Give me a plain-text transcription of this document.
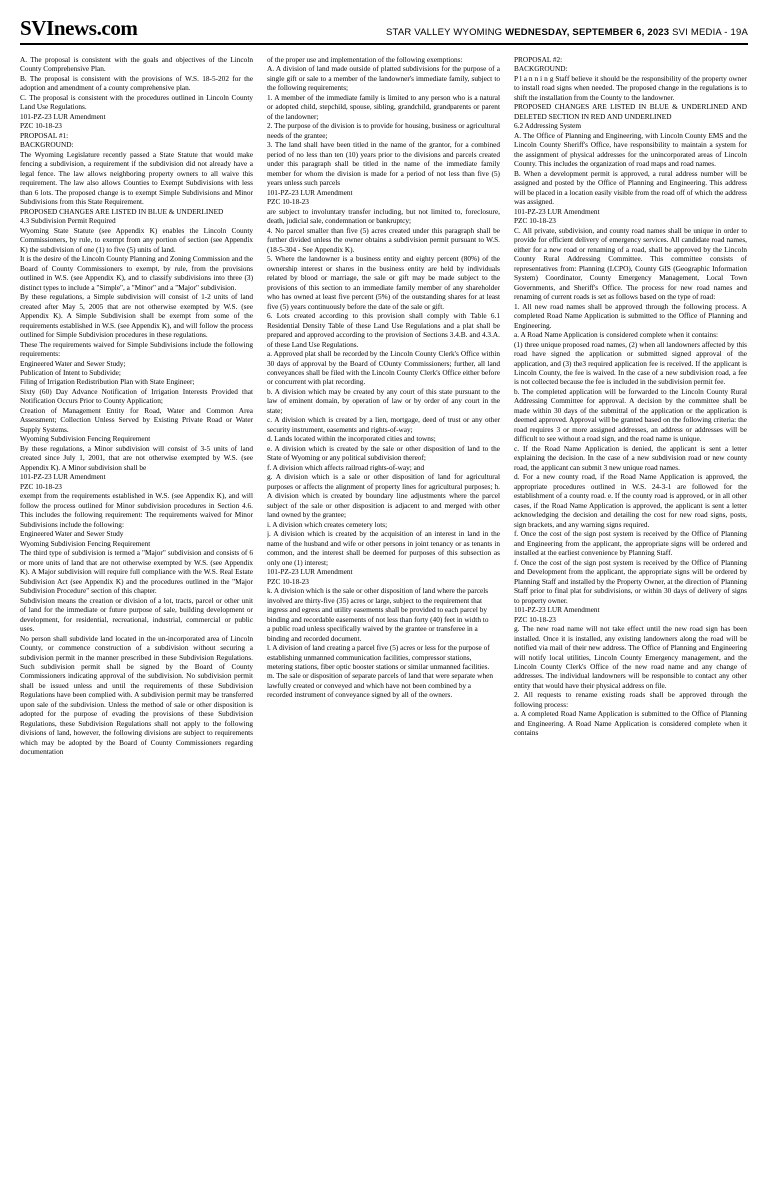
SVInews.com	STAR VALLEY WYOMING WEDNESDAY, SEPTEMBER 6, 2023 SVI MEDIA - 19A

A. The proposal is consistent with the goals and objectives of the Lincoln County Comprehensive Plan.

B. The proposal is consistent with the provisions of W.S. 18-5-202 for the adoption and amendment of a county comprehensive plan.

C. The proposal is consistent with the procedures outlined in Lincoln County Land Use Regulations.

101-PZ-23 LUR Amendment

PZC 10-18-23

PROPOSAL #1:

BACKGROUND:

The Wyoming Legislature recently passed a State Statute that would make fencing a subdivision, a requirement if the subdivision did not already have a legal fence. The law allows neighboring property owners to all waive this requirement. The law also allows Counties to Exempt Subdivisions with less than 6 lots. The proposed change is to exempt Simple Subdivisions and Minor Subdivisions from this State Requirement.

PROPOSED CHANGES ARE LISTED IN BLUE & UNDERLINED

4.3 Subdivision Permit Required

Wyoming State Statute (see Appendix K) enables the Lincoln County Commissioners, by rule, to exempt from any portion of section (see Appendix K) the subdivision of one (1) to five (5) units of land.

It is the desire of the Lincoln County Planning and Zoning Commission and the Board of County Commissioners to exempt, by rule, from the provisions outlined in W.S. (see Appendix K), and to classify subdivisions into three (3) distinct types to include a "Simple", a "Minor" and a "Major" subdivision.

By these regulations, a Simple subdivision will consist of 1-2 units of land created after May 5, 2005 that are not otherwise exempted by W.S. (see Appendix K). A Simple Subdivision shall be exempt from some of the requirements established in W.S. (see Appendix K), and will follow the process outlined for Simple Subdivision procedures in these regulations.

These The requirements waived for Simple Subdivisions include the following requirements:

Engineered Water and Sewer Study;

Publication of Intent to Subdivide;

Filing of Irrigation Redistribution Plan with State Engineer;

Sixty (60) Day Advance Notification of Irrigation Interests Provided that Notification Occurs Prior to County Application;

Creation of Management Entity for Road, Water and Common Area Assessment; Collection Unless Served by Existing Private Road or Water Supply Systems.

Wyoming Subdivision Fencing Requirement

By these regulations, a Minor subdivision will consist of 3-5 units of land created since July 1, 2001, that are not otherwise exempted by W.S. (see Appendix K). A Minor subdivision shall be

101-PZ-23 LUR Amendment

PZC 10-18-23

exempt from the requirements established in W.S. (see Appendix K), and will follow the process outlined for Minor subdivision procedures in Section 4.6. This includes the following requirement: The requirements waived for Minor Subdivisions include the following:

Engineered Water and Sewer Study

Wyoming Subdivision Fencing Requirement

The third type of subdivision is termed a "Major" subdivision and consists of 6 or more units of land that are not otherwise exempted by W.S. (see Appendix K). A Major subdivision will require full compliance with the W.S. Real Estate Subdivision Act (see Appendix K) and the procedures outlined in the "Major Subdivision Procedure" section of this chapter.

Subdivision means the creation or division of a lot, tracts, parcel or other unit of land for the immediate or future purpose of sale, building development or development, for residential, recreational, industrial, commercial or public uses.

No person shall subdivide land located in the un-incorporated area of Lincoln County, or commence construction of a subdivision without securing a subdivision permit in the manner prescribed in these Subdivision Regulations. Such subdivision permit shall be signed by the Board of County Commissioners indicating approval of the subdivision. No subdivision permit shall be issued unless and until the requirements of these Subdivision Regulations have been complied with. A subdivision permit may be transferred upon sale of the subdivision. Unless the method of sale or other disposition is adopted for the purpose of evading the provisions of these Subdivision Regulations, these Subdivision Regulations shall not apply to the following divisions of land, however, the following divisions are subject to requirements which may be adopted by the Board of County Commissioners regarding documentation

of the proper use and implementation of the following exemptions:

A. A division of land made outside of platted subdivisions for the purpose of a single gift or sale to a member of the landowner's immediate family, subject to the following requirements;

1. A member of the immediate family is limited to any person who is a natural or adopted child, stepchild, spouse, sibling, grandchild, grandparents or parent of the landowner;

2. The purpose of the division is to provide for housing, business or agricultural needs of the grantee;

3. The land shall have been titled in the name of the grantor, for a combined period of no less than ten (10) years prior to the divisions and parcels created under this paragraph shall be titled in the name of the immediate family member for whom the division is made for a period of not less than five (5) years unless such parcels

101-PZ-23 LUR Amendment

PZC 10-18-23

are subject to involuntary transfer including, but not limited to, foreclosure, death, judicial sale, condemnation or bankruptcy;

4. No parcel smaller than five (5) acres created under this paragraph shall be further divided unless the owner obtains a subdivision permit pursuant to W.S. (18-5-304 - See Appendix K).

5. Where the landowner is a business entity and eighty percent (80%) of the ownership interest or shares in the business entity are held by individuals related by blood or marriage, the sale or gift may be made subject to the provisions of this section to an immediate family member of any shareholder who has owned at least five percent (5%) of the outstanding shares for at least five (5) years continuously before the date of the sale or gift.

6. Lots created according to this provision shall comply with Table 6.1 Residential Density Table of these Land Use Regulations and a plat shall be prepared and approved according to the provision of Sections 3.4.B. and 4.3.A. of these Land Use Regulations.

a. Approved plat shall be recorded by the Lincoln County Clerk's Office within 30 days of approval by the Board of COunty Commissioners; further, all land conveyances shall be filed with the Lincoln County Clerk's Office either before or concurrent with plat recording.

b. A division which may be created by any court of this state pursuant to the law of eminent domain, by operation of law or by order of any court in the state;

c. A division which is created by a lien, mortgage, deed of trust or any other security instrument, easements and rights-of-way;

d. Lands located within the incorporated cities and towns;

e. A division which is created by the sale or other disposition of land to the State of Wyoming or any political subdivision thereof;

f. A division which affects railroad rights-of-way; and

g. A division which is a sale or other disposition of land for agricultural purposes or affects the alignment of property lines for agricultural purposes; h. A division which is created by boundary line adjustments where the parcel subject of the sale or other disposition is adjacent to and merged with other land owned by the grantee;

i. A division which creates cemetery lots;

j. A division which is created by the acquisition of an interest in land in the name of the husband and wife or other persons in joint tenancy or as tenants in common, and the interest shall be deemed for purposes of this subsection as only one (1) interest;

101-PZ-23 LUR Amendment

PZC 10-18-23

k. A division which is the sale or other disposition of land where the parcels

involved are thirty-five (35) acres or large, subject to the requirement that

ingress and egress and utility easements shall be provided to each parcel by

binding and recordable easements of not less than forty (40) feet in width to

a public road unless specifically waived by the grantee or transferee in a

binding and recorded document.

l. A division of land creating a parcel five (5) acres or less for the purpose of

establishing unmanned communication facilities, compressor stations,

metering stations, fiber optic booster stations or similar unmanned facilities.

m. The sale or disposition of separate parcels of land that were separate when

lawfully created or conveyed and which have not been combined by a

recorded instrument of conveyance signed by all of the owners.

PROPOSAL #2:

BACKGROUND:

P l a n n i n g Staff believe it should be the responsibility of the property owner to install road signs when needed. The proposed change in the regulations is to shift the installation from the County to the landowner.

PROPOSED CHANGES ARE LISTED IN BLUE & UNDERLINED AND DELETED SECTION IN RED AND UNDERLINED

6.2 Addressing System

A. The Office of Planning and Engineering, with Lincoln County EMS and the Lincoln County Sheriff's Office, have responsibility to maintain a system for the assignment of physical addresses for the unincorporated areas of Lincoln County. This includes the organization of road maps and road names.

B. When a development permit is approved, a rural address number will be assigned and posted by the Office of Planning and Engineering. This address will be placed in a location easily visible from the road off of which the address was assigned.

101-PZ-23 LUR Amendment

PZC 10-18-23

C. All private, subdivision, and county road names shall be unique in order to provide for efficient delivery of emergency services. All candidate road names, either for a new road or renaming of a road, shall be approved by the Lincoln County Rural Addressing Committee. This committee consists of representatives from: Planning (LCPO), County GIS (Geographic Information System) Coordinator, County Emergency Management, Local Town Governments, and Sheriff's Office. The process for new road names and renaming of current roads is set as follows based on the type of road:

1. All new road names shall be approved through the following process. A completed Road Name Application is submitted to the Office of Planning and Engineering.

a. A Road Name Application is considered complete when it contains:

(1) three unique proposed road names, (2) when all landowners affected by this road have signed the application or submitted signed approval of the application, and (3) the3 required application fee is received. If the applicant is Lincoln County, the fee is waived. In the case of a new subdivision road, a fee is not collected because the fee is included in the subdivision permit fee.

b. The completed application will be forwarded to the Lincoln County Rural Addressing Committee for approval. A decision by the committee shall be made within 30 days of the submittal of the application or the application is deemed approved. Approval will be granted based on the following criteria: the road requires 3 or more assigned addresses, an address or addresses will be difficult to see without a road sign, and the road name is unique.

c. If the Road Name Application is denied, the applicant is sent a letter explaining the decision. In the case of a new subdivision road or new county road, the applicant can submit 3 new unique road names.

d. For a new county road, if the Road Name Application is approved, the appropriate procedures outlined in W.S. 24-3-1 are followed for the establishment of a county road. e. If the county road is approved, or in all other cases, if the Road Name Application is approved, the applicant is sent a letter acknowledging the decision and detailing the cost for new road signs, posts, sign brackets, and any warning signs required.

f. Once the cost of the sign post system is received by the Office of Planning and Engineering from the applicant, the appropriate signs will be ordered and installed at the earliest convenience by Planning Staff.

f. Once the cost of the sign post system is received by the Office of Planning and Development from the applicant, the appropriate signs will be ordered by Planning Staff and installed by the Property Owner, at the direction of Planning Staff prior to final plat for subdivisions, or within 30 days of delivery of signs to property owner.

101-PZ-23 LUR Amendment

PZC 10-18-23

g. The new road name will not take effect until the new road sign has been installed. Once it is installed, any existing landowners along the road will be notified via mail of their new address. The Office of Planning and Engineering will notify local utilities, Lincoln County Emergency management, and the Lincoln County Clerk's Office of the new road name and any change of addresses. The individual landowners will be responsible to contact any other entity that would have their physical address on file.

2. All requests to rename existing roads shall be approved through the following process:

a. A completed Road Name Application is submitted to the Office of Planning and Engineering. A Road Name Application is considered complete when it contains
